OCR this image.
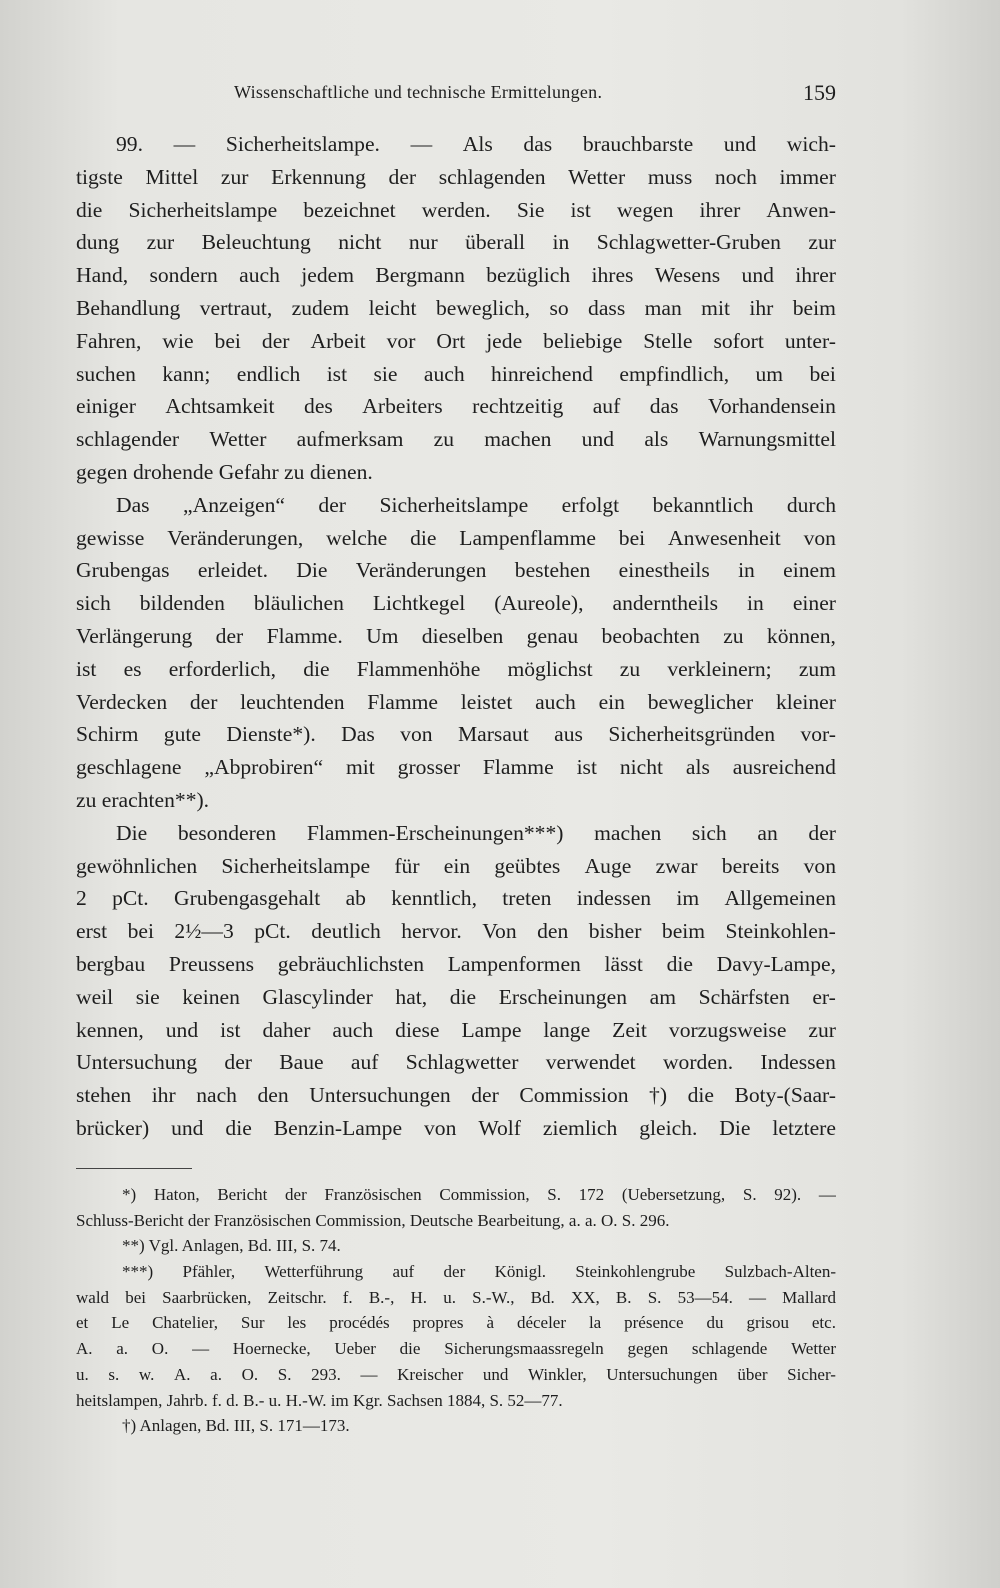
Wissenschaftliche und technische Ermittelungen.	159
99. — Sicherheitslampe. — Als das brauchbarste und wich-
tigste Mittel zur Erkennung der schlagenden Wetter muss noch immer
die Sicherheitslampe bezeichnet werden. Sie ist wegen ihrer Anwen-
dung zur Beleuchtung nicht nur überall in Schlagwetter-Gruben zur
Hand, sondern auch jedem Bergmann bezüglich ihres Wesens und ihrer
Behandlung vertraut, zudem leicht beweglich, so dass man mit ihr beim
Fahren, wie bei der Arbeit vor Ort jede beliebige Stelle sofort unter-
suchen kann; endlich ist sie auch hinreichend empfindlich, um bei
einiger Achtsamkeit des Arbeiters rechtzeitig auf das Vorhandensein
schlagender Wetter aufmerksam zu machen und als Warnungsmittel
gegen drohende Gefahr zu dienen.
Das „Anzeigen“ der Sicherheitslampe erfolgt bekanntlich durch
gewisse Veränderungen, welche die Lampenflamme bei Anwesenheit von
Grubengas erleidet. Die Veränderungen bestehen einestheils in einem
sich bildenden bläulichen Lichtkegel (Aureole), anderntheils in einer
Verlängerung der Flamme. Um dieselben genau beobachten zu können,
ist es erforderlich, die Flammenhöhe möglichst zu verkleinern; zum
Verdecken der leuchtenden Flamme leistet auch ein beweglicher kleiner
Schirm gute Dienste*). Das von Marsaut aus Sicherheitsgründen vor-
geschlagene „Abprobiren“ mit grosser Flamme ist nicht als ausreichend
zu erachten**).
Die besonderen Flammen-Erscheinungen***) machen sich an der
gewöhnlichen Sicherheitslampe für ein geübtes Auge zwar bereits von
2 pCt. Grubengasgehalt ab kenntlich, treten indessen im Allgemeinen
erst bei 2½—3 pCt. deutlich hervor. Von den bisher beim Steinkohlen-
bergbau Preussens gebräuchlichsten Lampenformen lässt die Davy-Lampe,
weil sie keinen Glascylinder hat, die Erscheinungen am Schärfsten er-
kennen, und ist daher auch diese Lampe lange Zeit vorzugsweise zur
Untersuchung der Baue auf Schlagwetter verwendet worden. Indessen
stehen ihr nach den Untersuchungen der Commission †) die Boty-(Saar-
brücker) und die Benzin-Lampe von Wolf ziemlich gleich. Die letztere
*) Haton, Bericht der Französischen Commission, S. 172 (Uebersetzung, S. 92). —
Schluss-Bericht der Französischen Commission, Deutsche Bearbeitung, a. a. O. S. 296.
**) Vgl. Anlagen, Bd. III, S. 74.
***) Pfähler, Wetterführung auf der Königl. Steinkohlengrube Sulzbach-Alten-
wald bei Saarbrücken, Zeitschr. f. B.-, H. u. S.-W., Bd. XX, B. S. 53—54. — Mallard
et Le Chatelier, Sur les procédés propres à déceler la présence du grisou etc.
A. a. O. — Hoernecke, Ueber die Sicherungsmaassregeln gegen schlagende Wetter
u. s. w. A. a. O. S. 293. — Kreischer und Winkler, Untersuchungen über Sicher-
heitslampen, Jahrb. f. d. B.- u. H.-W. im Kgr. Sachsen 1884, S. 52—77.
†) Anlagen, Bd. III, S. 171—173.
